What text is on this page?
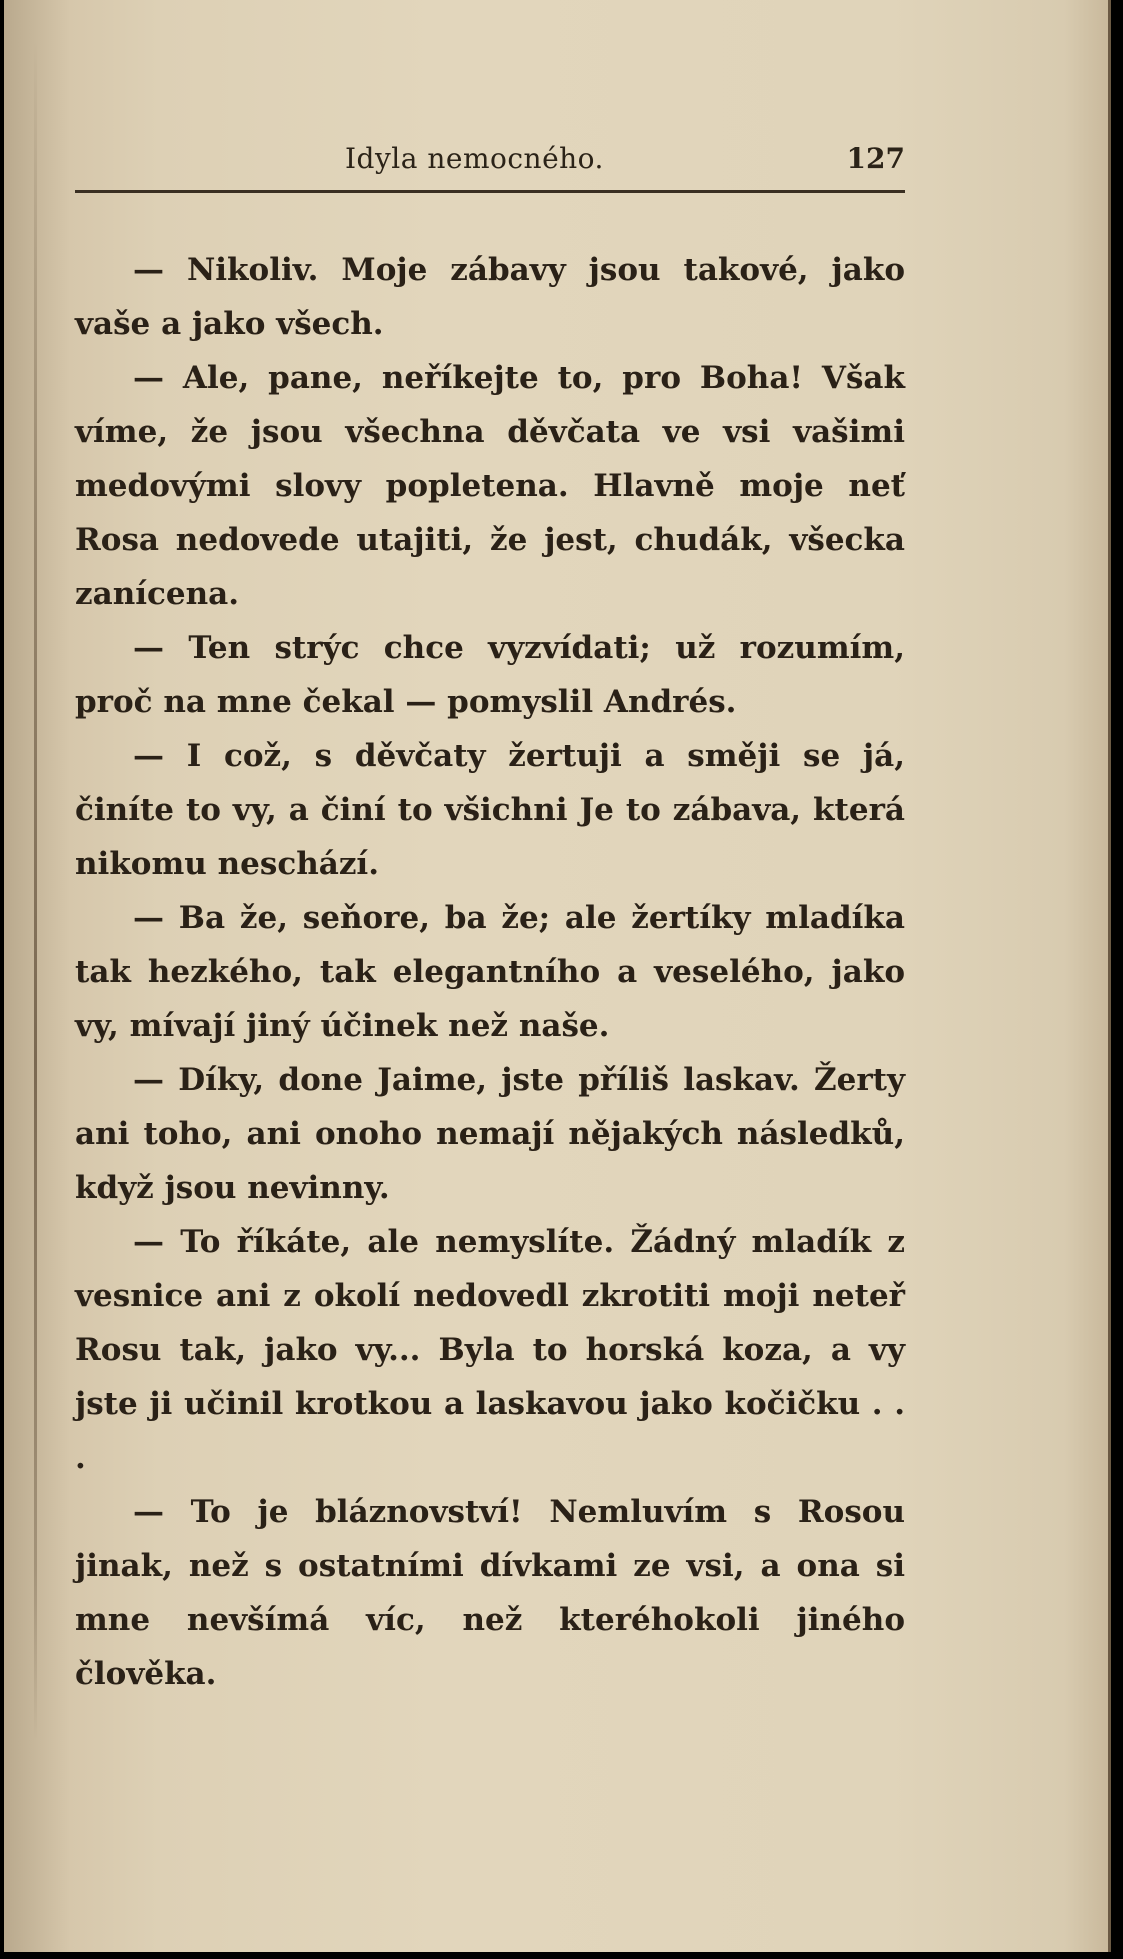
Idyla nemocného.	127

— Nikoliv. Moje zábavy jsou takové, jako vaše a jako všech.

— Ale, pane, neříkejte to, pro Boha! Však víme, že jsou všechna děvčata ve vsi vašimi medovými slovy popletena. Hlavně moje neť Rosa nedovede utajiti, že jest, chudák, všecka zanícena.

— Ten strýc chce vyzvídati; už rozumím, proč na mne čekal — pomyslil Andrés.

— I což, s děvčaty žertuji a směji se já, činíte to vy, a činí to všichni Je to zábava, která nikomu neschází.

— Ba že, seňore, ba že; ale žertíky mladíka tak hezkého, tak elegantního a veselého, jako vy, mívají jiný účinek než naše.

— Díky, done Jaime, jste příliš laskav. Žerty ani toho, ani onoho nemají nějakých následků, když jsou nevinny.

— To říkáte, ale nemyslíte. Žádný mladík z vesnice ani z okolí nedovedl zkrotiti moji neteř Rosu tak, jako vy... Byla to horská koza, a vy jste ji učinil krotkou a laskavou jako kočičku . . .

— To je bláznovství! Nemluvím s Rosou jinak, než s ostatními dívkami ze vsi, a ona si mne nevšímá víc, než kteréhokoli jiného člověka.
